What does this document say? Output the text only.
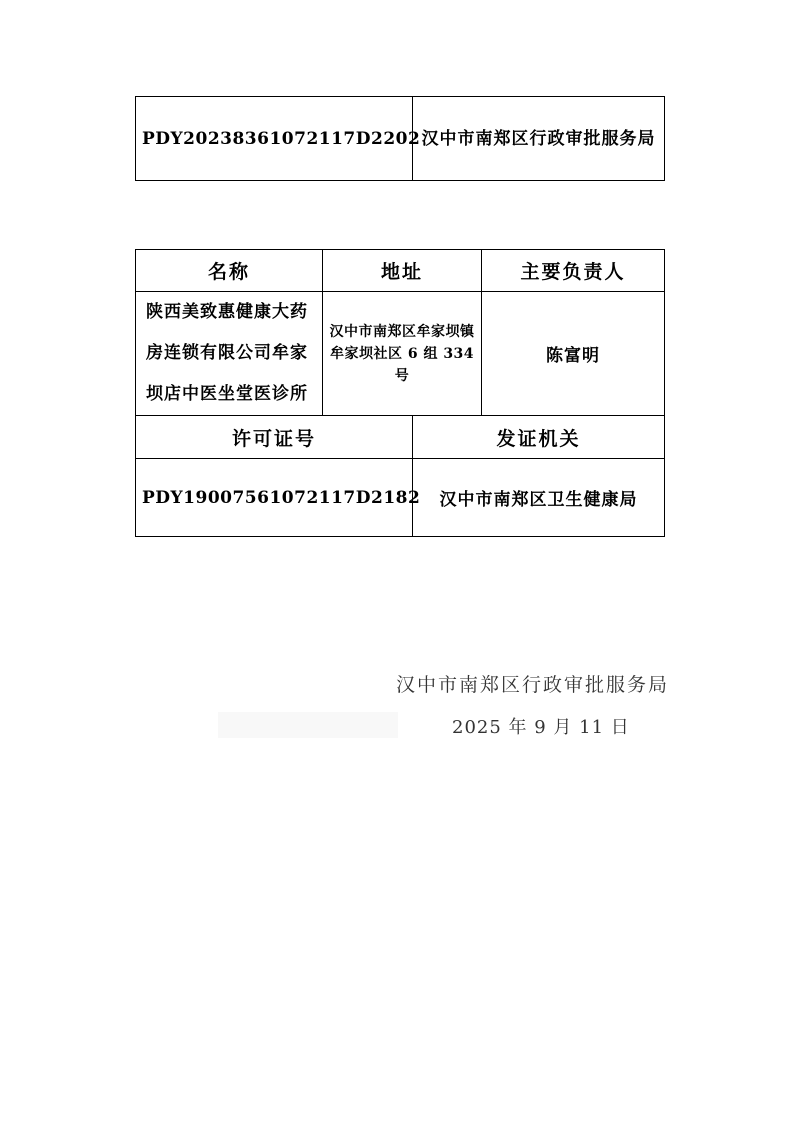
PDY20238361072117D2202	汉中市南郑区行政审批服务局
名称	地址		主要负责人
陕西美致惠健康大药房连锁有限公司牟家坝店中医坐堂医诊所	汉中市南郑区牟家坝镇牟家坝社区 6 组 334 号		陈富明
许可证号		发证机关	
PDY19007561072117D2182		汉中市南郑区卫生健康局	
汉中市南郑区行政审批服务局
2025 年 9 月 11 日
